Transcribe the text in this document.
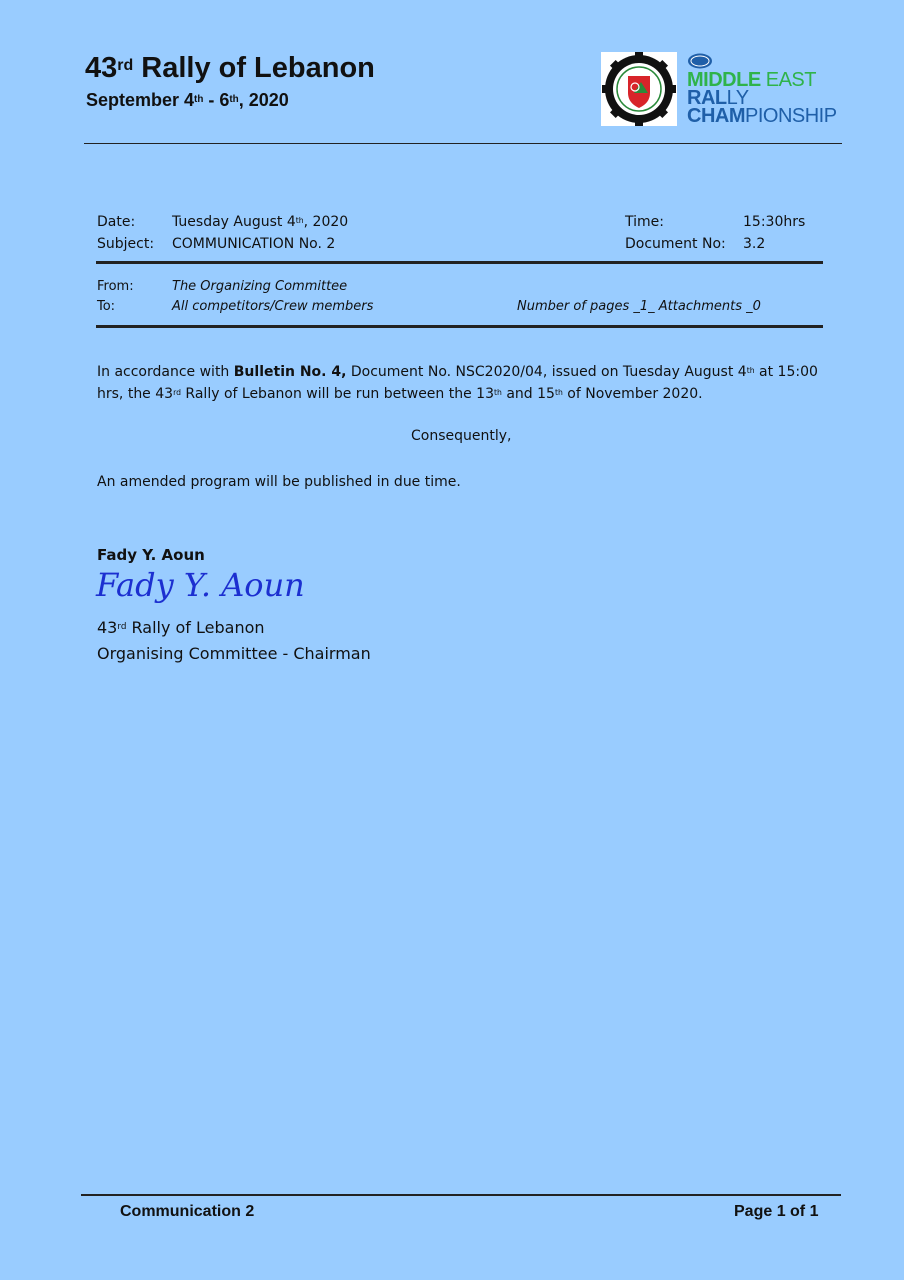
43rd Rally of Lebanon
September 4th - 6th, 2020
MIDDLE EAST
RALLY
CHAMPIONSHIP
Date:	Tuesday August 4th, 2020	Time:	15:30hrs
Subject: COMMUNICATION No. 2	Document No: 3.2
From:	The Organizing Committee
To:	All competitors/Crew members	Number of pages _1_ Attachments _0
In accordance with Bulletin No. 4, Document No. NSC2020/04, issued on Tuesday August 4th at 15:00 hrs, the 43rd Rally of Lebanon will be run between the 13th and 15th of November 2020.
Consequently,
An amended program will be published in due time.
Fady Y. Aoun
Fady Y. Aoun
43rd Rally of Lebanon
Organising Committee - Chairman
Communication 2	Page 1 of 1
